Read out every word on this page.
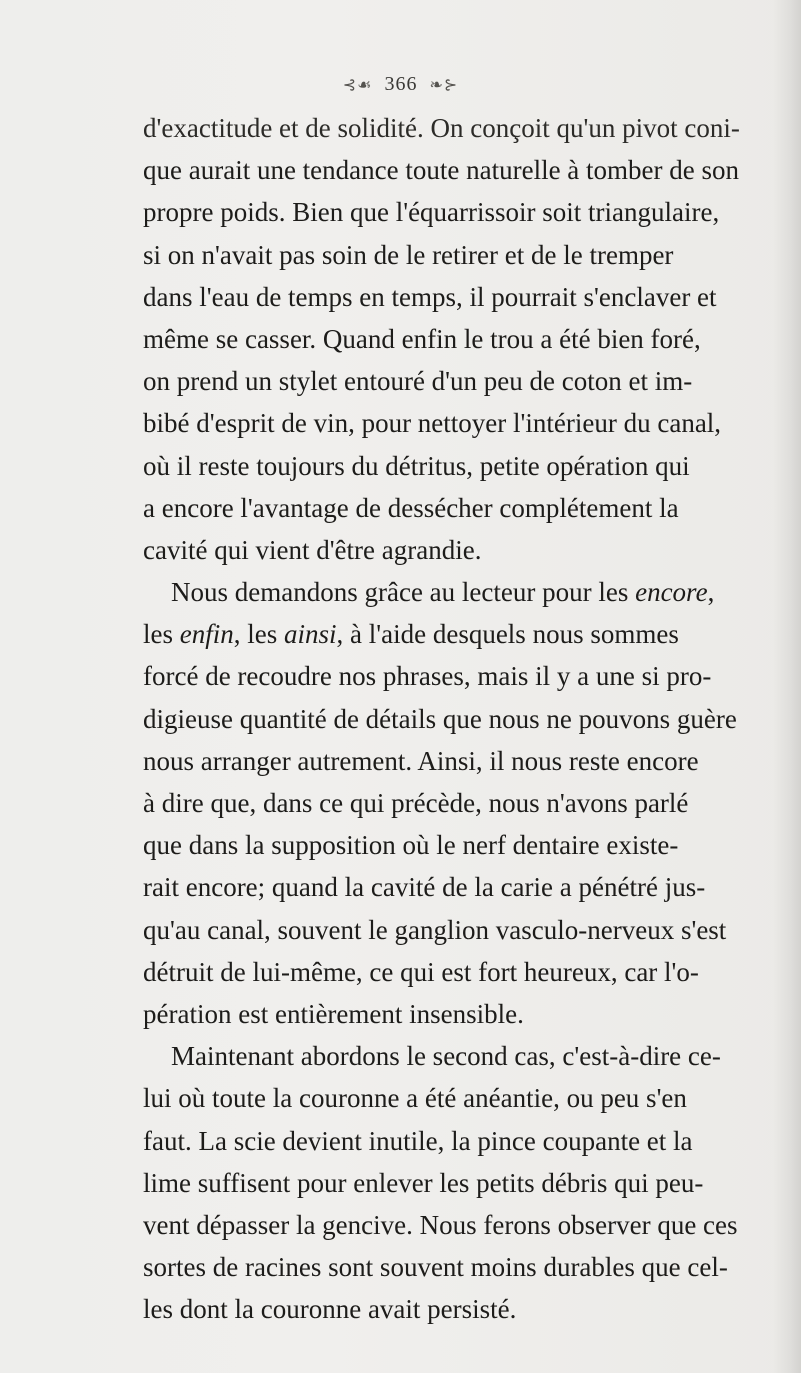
⊰☙ 366 ❧⊱
d'exactitude et de solidité. On conçoit qu'un pivot coni-
que aurait une tendance toute naturelle à tomber de son
propre poids. Bien que l'équarrissoir soit triangulaire,
si on n'avait pas soin de le retirer et de le tremper
dans l'eau de temps en temps, il pourrait s'enclaver et
même se casser. Quand enfin le trou a été bien foré,
on prend un stylet entouré d'un peu de coton et im-
bibé d'esprit de vin, pour nettoyer l'intérieur du canal,
où il reste toujours du détritus, petite opération qui
a encore l'avantage de dessécher complétement la
cavité qui vient d'être agrandie.
Nous demandons grâce au lecteur pour les encore,
les enfin, les ainsi, à l'aide desquels nous sommes
forcé de recoudre nos phrases, mais il y a une si pro-
digieuse quantité de détails que nous ne pouvons guère
nous arranger autrement. Ainsi, il nous reste encore
à dire que, dans ce qui précède, nous n'avons parlé
que dans la supposition où le nerf dentaire existe-
rait encore; quand la cavité de la carie a pénétré jus-
qu'au canal, souvent le ganglion vasculo-nerveux s'est
détruit de lui-même, ce qui est fort heureux, car l'o-
pération est entièrement insensible.
Maintenant abordons le second cas, c'est-à-dire ce-
lui où toute la couronne a été anéantie, ou peu s'en
faut. La scie devient inutile, la pince coupante et la
lime suffisent pour enlever les petits débris qui peu-
vent dépasser la gencive. Nous ferons observer que ces
sortes de racines sont souvent moins durables que cel-
les dont la couronne avait persisté.
